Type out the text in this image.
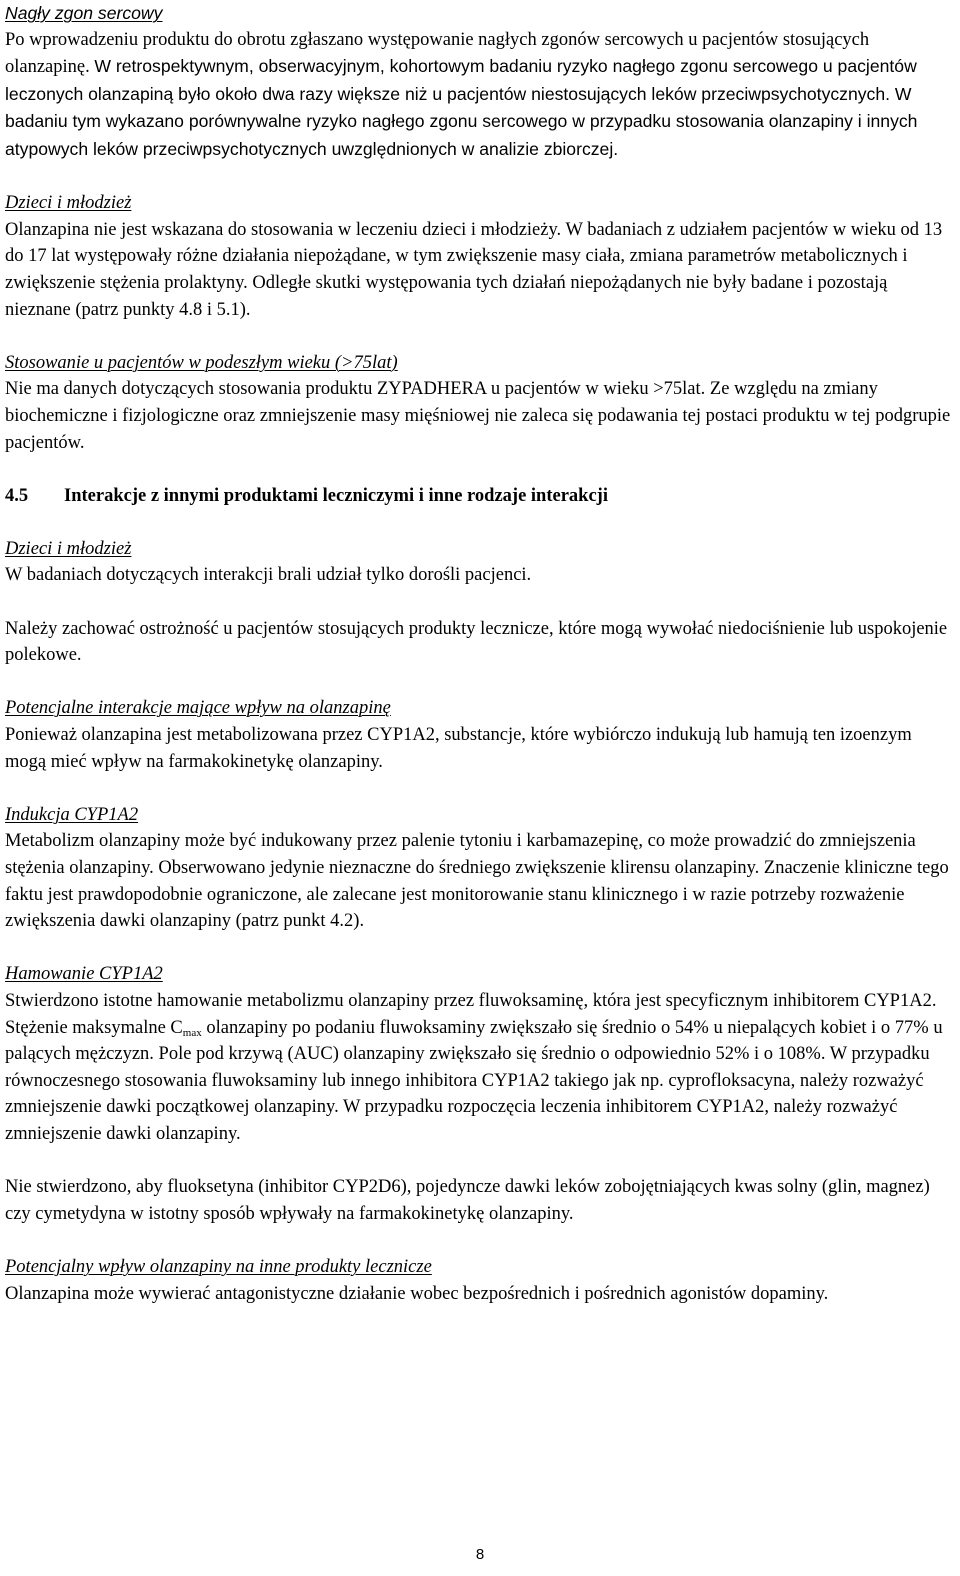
Nagły zgon sercowy

Po wprowadzeniu produktu do obrotu zgłaszano występowanie nagłych zgonów sercowych u pacjentów stosujących olanzapinę. W retrospektywnym, obserwacyjnym, kohortowym badaniu ryzyko nagłego zgonu sercowego u pacjentów leczonych olanzapiną było około dwa razy większe niż u pacjentów niestosujących leków przeciwpsychotycznych. W badaniu tym wykazano porównywalne ryzyko nagłego zgonu sercowego w przypadku stosowania olanzapiny i innych atypowych leków przeciwpsychotycznych uwzględnionych w analizie zbiorczej.

Dzieci i młodzież

Olanzapina nie jest wskazana do stosowania w leczeniu dzieci i młodzieży. W badaniach z udziałem pacjentów w wieku od 13 do 17 lat występowały różne działania niepożądane, w tym zwiększenie masy ciała, zmiana parametrów metabolicznych i zwiększenie stężenia prolaktyny. Odległe skutki występowania tych działań niepożądanych nie były badane i pozostają nieznane (patrz punkty 4.8 i 5.1).

Stosowanie u pacjentów w podeszłym wieku (>75lat)

Nie ma danych dotyczących stosowania produktu ZYPADHERA u pacjentów w wieku >75lat. Ze względu na zmiany biochemiczne i fizjologiczne oraz zmniejszenie masy mięśniowej nie zaleca się podawania tej postaci produktu w tej podgrupie pacjentów.

4.5 Interakcje z innymi produktami leczniczymi i inne rodzaje interakcji
Dzieci i młodzież

W badaniach dotyczących interakcji brali udział tylko dorośli pacjenci.

Należy zachować ostrożność u pacjentów stosujących produkty lecznicze, które mogą wywołać niedociśnienie lub uspokojenie polekowe.

Potencjalne interakcje mające wpływ na olanzapinę

Ponieważ olanzapina jest metabolizowana przez CYP1A2, substancje, które wybiórczo indukują lub hamują ten izoenzym mogą mieć wpływ na farmakokinetykę olanzapiny.

Indukcja CYP1A2

Metabolizm olanzapiny może być indukowany przez palenie tytoniu i karbamazepinę, co może prowadzić do zmniejszenia stężenia olanzapiny. Obserwowano jedynie nieznaczne do średniego zwiększenie klirensu olanzapiny. Znaczenie kliniczne tego faktu jest prawdopodobnie ograniczone, ale zalecane jest monitorowanie stanu klinicznego i w razie potrzeby rozważenie zwiększenia dawki olanzapiny (patrz punkt 4.2).

Hamowanie CYP1A2

Stwierdzono istotne hamowanie metabolizmu olanzapiny przez fluwoksaminę, która jest specyficznym inhibitorem CYP1A2. Stężenie maksymalne $C_{max}$ olanzapiny po podaniu fluwoksaminy zwiększało się średnio o 54% u niepalących kobiet i o 77% u palących mężczyzn. Pole pod krzywą (AUC) olanzapiny zwiększało się średnio o odpowiednio 52% i o 108%. W przypadku równoczesnego stosowania fluwoksaminy lub innego inhibitora CYP1A2 takiego jak np. cyprofloksacyna, należy rozważyć zmniejszenie dawki początkowej olanzapiny. W przypadku rozpoczęcia leczenia inhibitorem CYP1A2, należy rozważyć zmniejszenie dawki olanzapiny.

Nie stwierdzono, aby fluoksetyna (inhibitor CYP2D6), pojedyncze dawki leków zobojętniających kwas solny (glin, magnez) czy cymetydyna w istotny sposób wpływały na farmakokinetykę olanzapiny.

Potencjalny wpływ olanzapiny na inne produkty lecznicze

Olanzapina może wywierać antagonistyczne działanie wobec bezpośrednich i pośrednich agonistów dopaminy.

8
